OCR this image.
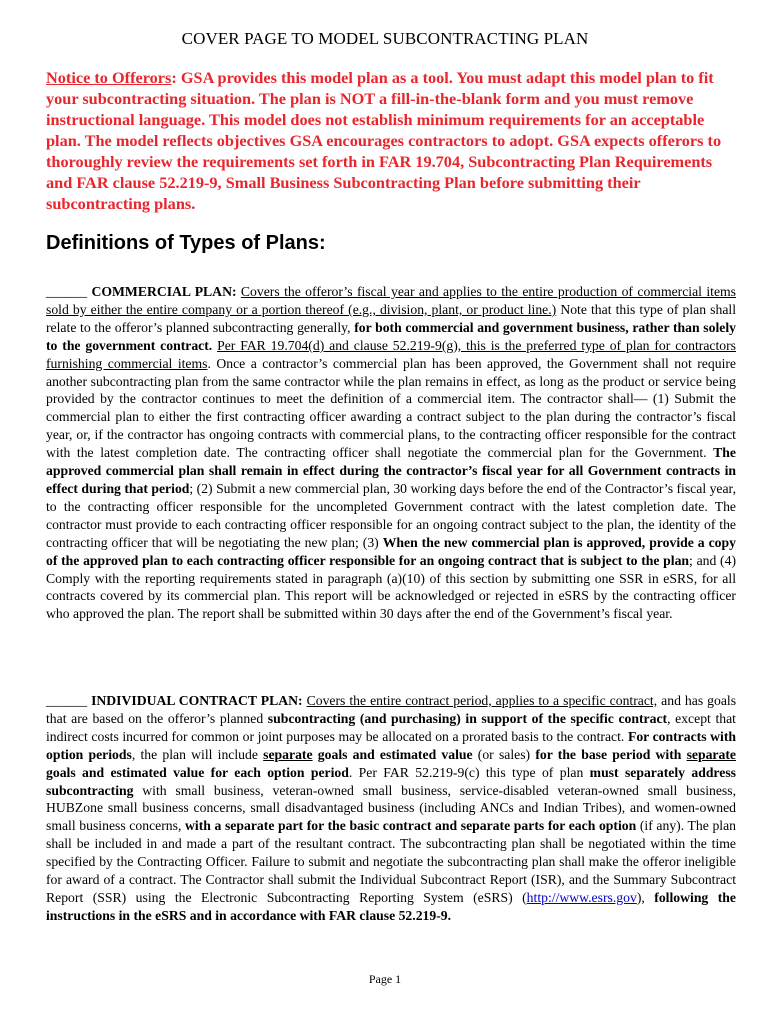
COVER PAGE TO MODEL SUBCONTRACTING PLAN
Notice to Offerors: GSA provides this model plan as a tool. You must adapt this model plan to fit your subcontracting situation. The plan is NOT a fill-in-the-blank form and you must remove instructional language. This model does not establish minimum requirements for an acceptable plan. The model reflects objectives GSA encourages contractors to adopt. GSA expects offerors to thoroughly review the requirements set forth in FAR 19.704, Subcontracting Plan Requirements and FAR clause 52.219-9, Small Business Subcontracting Plan before submitting their subcontracting plans.
Definitions of Types of Plans:
______ COMMERCIAL PLAN: Covers the offeror’s fiscal year and applies to the entire production of commercial items sold by either the entire company or a portion thereof (e.g., division, plant, or product line.) Note that this type of plan shall relate to the offeror’s planned subcontracting generally, for both commercial and government business, rather than solely to the government contract. Per FAR 19.704(d) and clause 52.219-9(g), this is the preferred type of plan for contractors furnishing commercial items. Once a contractor’s commercial plan has been approved, the Government shall not require another subcontracting plan from the same contractor while the plan remains in effect, as long as the product or service being provided by the contractor continues to meet the definition of a commercial item. The contractor shall— (1) Submit the commercial plan to either the first contracting officer awarding a contract subject to the plan during the contractor’s fiscal year, or, if the contractor has ongoing contracts with commercial plans, to the contracting officer responsible for the contract with the latest completion date. The contracting officer shall negotiate the commercial plan for the Government. The approved commercial plan shall remain in effect during the contractor’s fiscal year for all Government contracts in effect during that period; (2) Submit a new commercial plan, 30 working days before the end of the Contractor’s fiscal year, to the contracting officer responsible for the uncompleted Government contract with the latest completion date. The contractor must provide to each contracting officer responsible for an ongoing contract subject to the plan, the identity of the contracting officer that will be negotiating the new plan; (3) When the new commercial plan is approved, provide a copy of the approved plan to each contracting officer responsible for an ongoing contract that is subject to the plan; and (4) Comply with the reporting requirements stated in paragraph (a)(10) of this section by submitting one SSR in eSRS, for all contracts covered by its commercial plan. This report will be acknowledged or rejected in eSRS by the contracting officer who approved the plan. The report shall be submitted within 30 days after the end of the Government’s fiscal year.
______ INDIVIDUAL CONTRACT PLAN: Covers the entire contract period, applies to a specific contract, and has goals that are based on the offeror’s planned subcontracting (and purchasing) in support of the specific contract, except that indirect costs incurred for common or joint purposes may be allocated on a prorated basis to the contract. For contracts with option periods, the plan will include separate goals and estimated value (or sales) for the base period with separate goals and estimated value for each option period. Per FAR 52.219-9(c) this type of plan must separately address subcontracting with small business, veteran-owned small business, service-disabled veteran-owned small business, HUBZone small business concerns, small disadvantaged business (including ANCs and Indian Tribes), and women-owned small business concerns, with a separate part for the basic contract and separate parts for each option (if any). The plan shall be included in and made a part of the resultant contract. The subcontracting plan shall be negotiated within the time specified by the Contracting Officer. Failure to submit and negotiate the subcontracting plan shall make the offeror ineligible for award of a contract. The Contractor shall submit the Individual Subcontract Report (ISR), and the Summary Subcontract Report (SSR) using the Electronic Subcontracting Reporting System (eSRS) (http://www.esrs.gov), following the instructions in the eSRS and in accordance with FAR clause 52.219-9.
Page 1
